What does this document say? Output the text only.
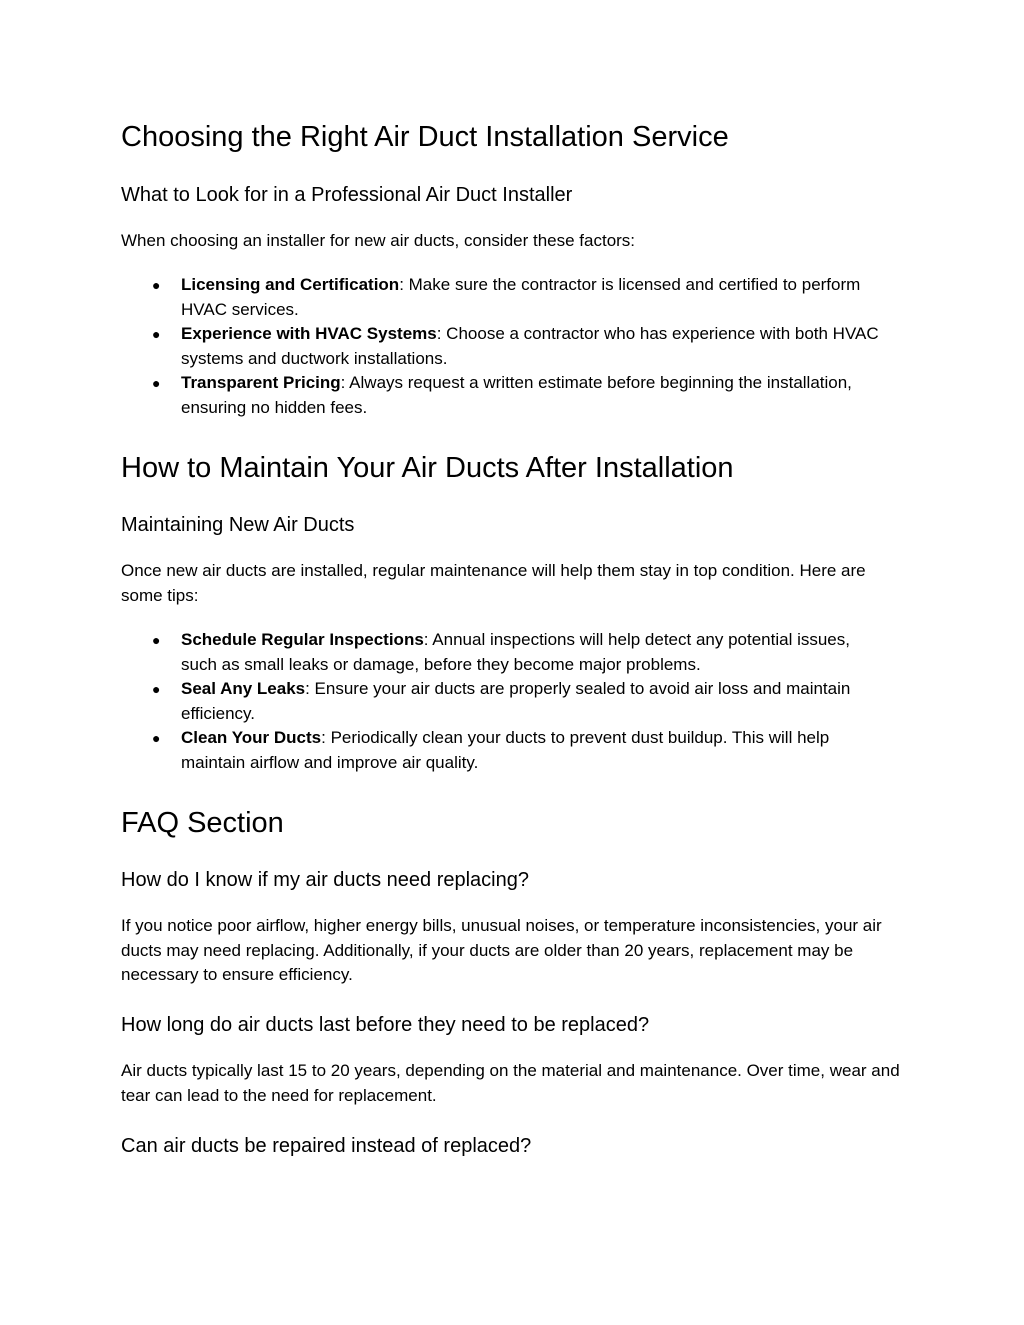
Choosing the Right Air Duct Installation Service
What to Look for in a Professional Air Duct Installer

When choosing an installer for new air ducts, consider these factors:

● Licensing and Certification: Make sure the contractor is licensed and certified to perform HVAC services.
● Experience with HVAC Systems: Choose a contractor who has experience with both HVAC systems and ductwork installations.
● Transparent Pricing: Always request a written estimate before beginning the installation, ensuring no hidden fees.
How to Maintain Your Air Ducts After Installation
Maintaining New Air Ducts

Once new air ducts are installed, regular maintenance will help them stay in top condition. Here are some tips:

● Schedule Regular Inspections: Annual inspections will help detect any potential issues, such as small leaks or damage, before they become major problems.
● Seal Any Leaks: Ensure your air ducts are properly sealed to avoid air loss and maintain efficiency.
● Clean Your Ducts: Periodically clean your ducts to prevent dust buildup. This will help maintain airflow and improve air quality.
FAQ Section
How do I know if my air ducts need replacing?

If you notice poor airflow, higher energy bills, unusual noises, or temperature inconsistencies, your air ducts may need replacing. Additionally, if your ducts are older than 20 years, replacement may be necessary to ensure efficiency.

How long do air ducts last before they need to be replaced?

Air ducts typically last 15 to 20 years, depending on the material and maintenance. Over time, wear and tear can lead to the need for replacement.

Can air ducts be repaired instead of replaced?
